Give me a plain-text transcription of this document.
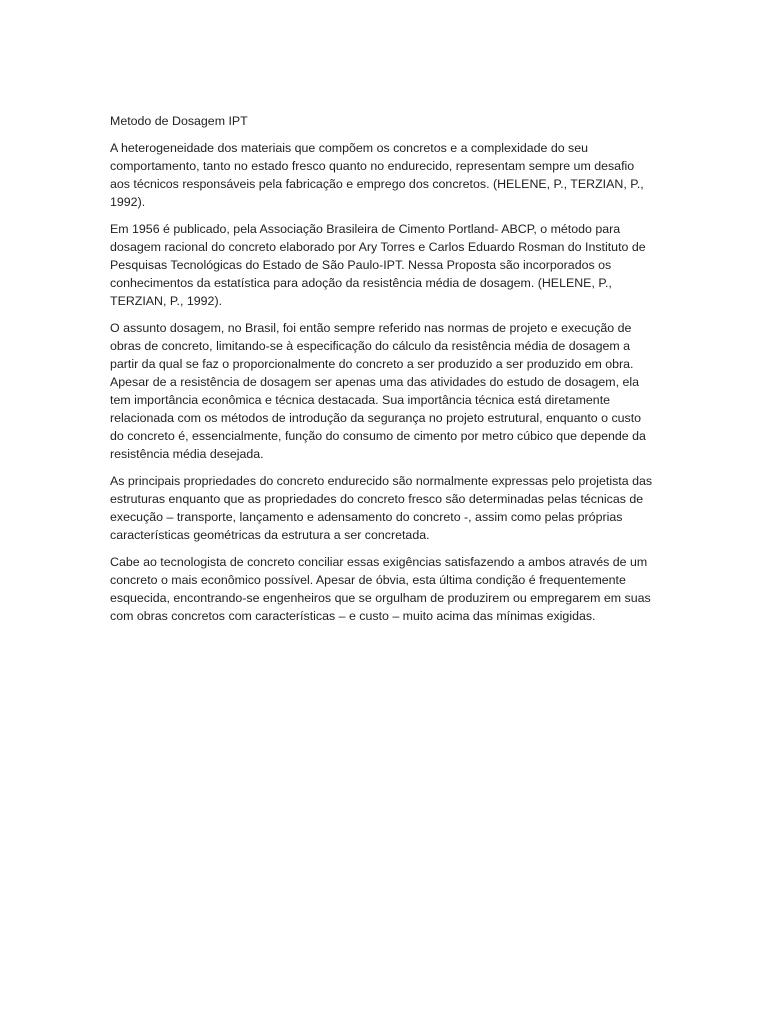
Metodo de Dosagem IPT

A heterogeneidade dos materiais que compõem os concretos e a complexidade do seu comportamento, tanto no estado fresco quanto no endurecido, representam sempre um desafio aos técnicos responsáveis pela fabricação e emprego dos concretos. (HELENE, P., TERZIAN, P., 1992).

Em 1956 é publicado, pela Associação Brasileira de Cimento Portland- ABCP, o método para dosagem racional do concreto elaborado por Ary Torres e Carlos Eduardo Rosman do Instituto de Pesquisas Tecnológicas do Estado de São Paulo-IPT. Nessa Proposta são incorporados os conhecimentos da estatística para adoção da resistência média de dosagem. (HELENE, P., TERZIAN, P., 1992).

O assunto dosagem, no Brasil, foi então sempre referido nas normas de projeto e execução de obras de concreto, limitando-se à especificação do cálculo da resistência média de dosagem a partir da qual se faz o proporcionalmente do concreto a ser produzido a ser produzido em obra. Apesar de a resistência de dosagem ser apenas uma das atividades do estudo de dosagem, ela tem importância econômica e técnica destacada. Sua importância técnica está diretamente relacionada com os métodos de introdução da segurança no projeto estrutural, enquanto o custo do concreto é, essencialmente, função do consumo de cimento por metro cúbico que depende da resistência média desejada.

As principais propriedades do concreto endurecido são normalmente expressas pelo projetista das estruturas enquanto que as propriedades do concreto fresco são determinadas pelas técnicas de execução – transporte, lançamento e adensamento do concreto -, assim como pelas próprias características geométricas da estrutura a ser concretada.

Cabe ao tecnologista de concreto conciliar essas exigências satisfazendo a ambos através de um concreto o mais econômico possível. Apesar de óbvia, esta última condição é frequentemente esquecida, encontrando-se engenheiros que se orgulham de produzirem ou empregarem em suas com obras concretos com características – e custo – muito acima das mínimas exigidas.
